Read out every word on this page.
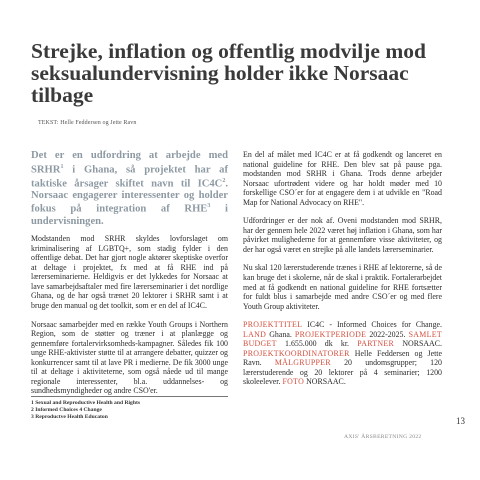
Strejke, inflation og offentlig modvilje mod seksualundervisning holder ikke Norsaac tilbage
TEKST: Helle Feddersen og Jette Ravn

Det er en udfordring at arbejde med SRHR$^1$ i Ghana, så projektet har af taktiske årsager skiftet navn til $IC4C^2$. Norsaac engagerer interessenter og holder fokus på integration af RHE$^3$ i undervisningen.

Modstanden mod SRHR skyldes lovforslaget om kriminalisering af LGBTQ+, som stadig fylder i den offentlige debat. Det har gjort nogle aktører skeptiske overfor at deltage i projektet, fx med at få RHE ind på lærerseminarierne. Heldigvis er det lykkedes for Norsaac at lave samarbejdsaftaler med fire lærerseminarier i det nordlige Ghana, og de har også trænet 20 lektorer i SRHR samt i at bruge den manual og det toolkit, som er en del af IC4C.

Norsaac samarbejder med en række Youth Groups i Northern Region, som de støtter og træner i at planlægge og gennemføre fortalervirksomheds-kampagner. Således fik 100 unge RHE-aktivister støtte til at arrangere debatter, quizzer og konkurrencer samt til at lave PR i medierne. De fik 3000 unge til at deltage i aktiviteterne, som også nåede ud til mange regionale interessenter, bl.a. uddannelses- og sundhedsmyndigheder og andre CSO'er.

En del af målet med IC4C er at få godkendt og lanceret en national guideline for RHE. Den blev sat på pause pga. modstanden mod SRHR i Ghana. Trods denne arbejder Norsaac ufortrødent videre og har holdt møder med 10 forskellige CSO´er for at engagere dem i at udvikle en "Road Map for National Advocacy on RHE".

Udfordringer er der nok af. Oveni modstanden mod SRHR, har der gennem hele 2022 været høj inflation i Ghana, som har påvirket mulighederne for at gennemføre visse aktiviteter, og der har også været en strejke på alle landets lærerseminarier.

Nu skal 120 lærerstuderende trænes i RHE af lektorerne, så de kan bruge det i skolerne, når de skal i praktik. Fortalerarbejdet med at få godkendt en national guideline for RHE fortsætter for fuldt blus i samarbejde med andre CSO´er og med flere Youth Group aktiviteter.

PROJEKTTITEL IC4C - Informed Choices for Change. LAND Ghana. PROJEKTPERIODE 2022-2025. SAMLET BUDGET 1.655.000 dk kr. PARTNER NORSAAC. PROJEKTKOORDINATORER Helle Feddersen og Jette Ravn. MÅLGRUPPER 20 undomsgrupper; 120 lærerstuderende og 20 lektorer på 4 seminarier; 1200 skoleelever. FOTO NORSAAC.

1 Sexual and Reproductive Health and Rights
2 Informed Choices 4 Change
3 Reproductve Health Educaton	13
AXIS' ÅRSBERETNING 2022
